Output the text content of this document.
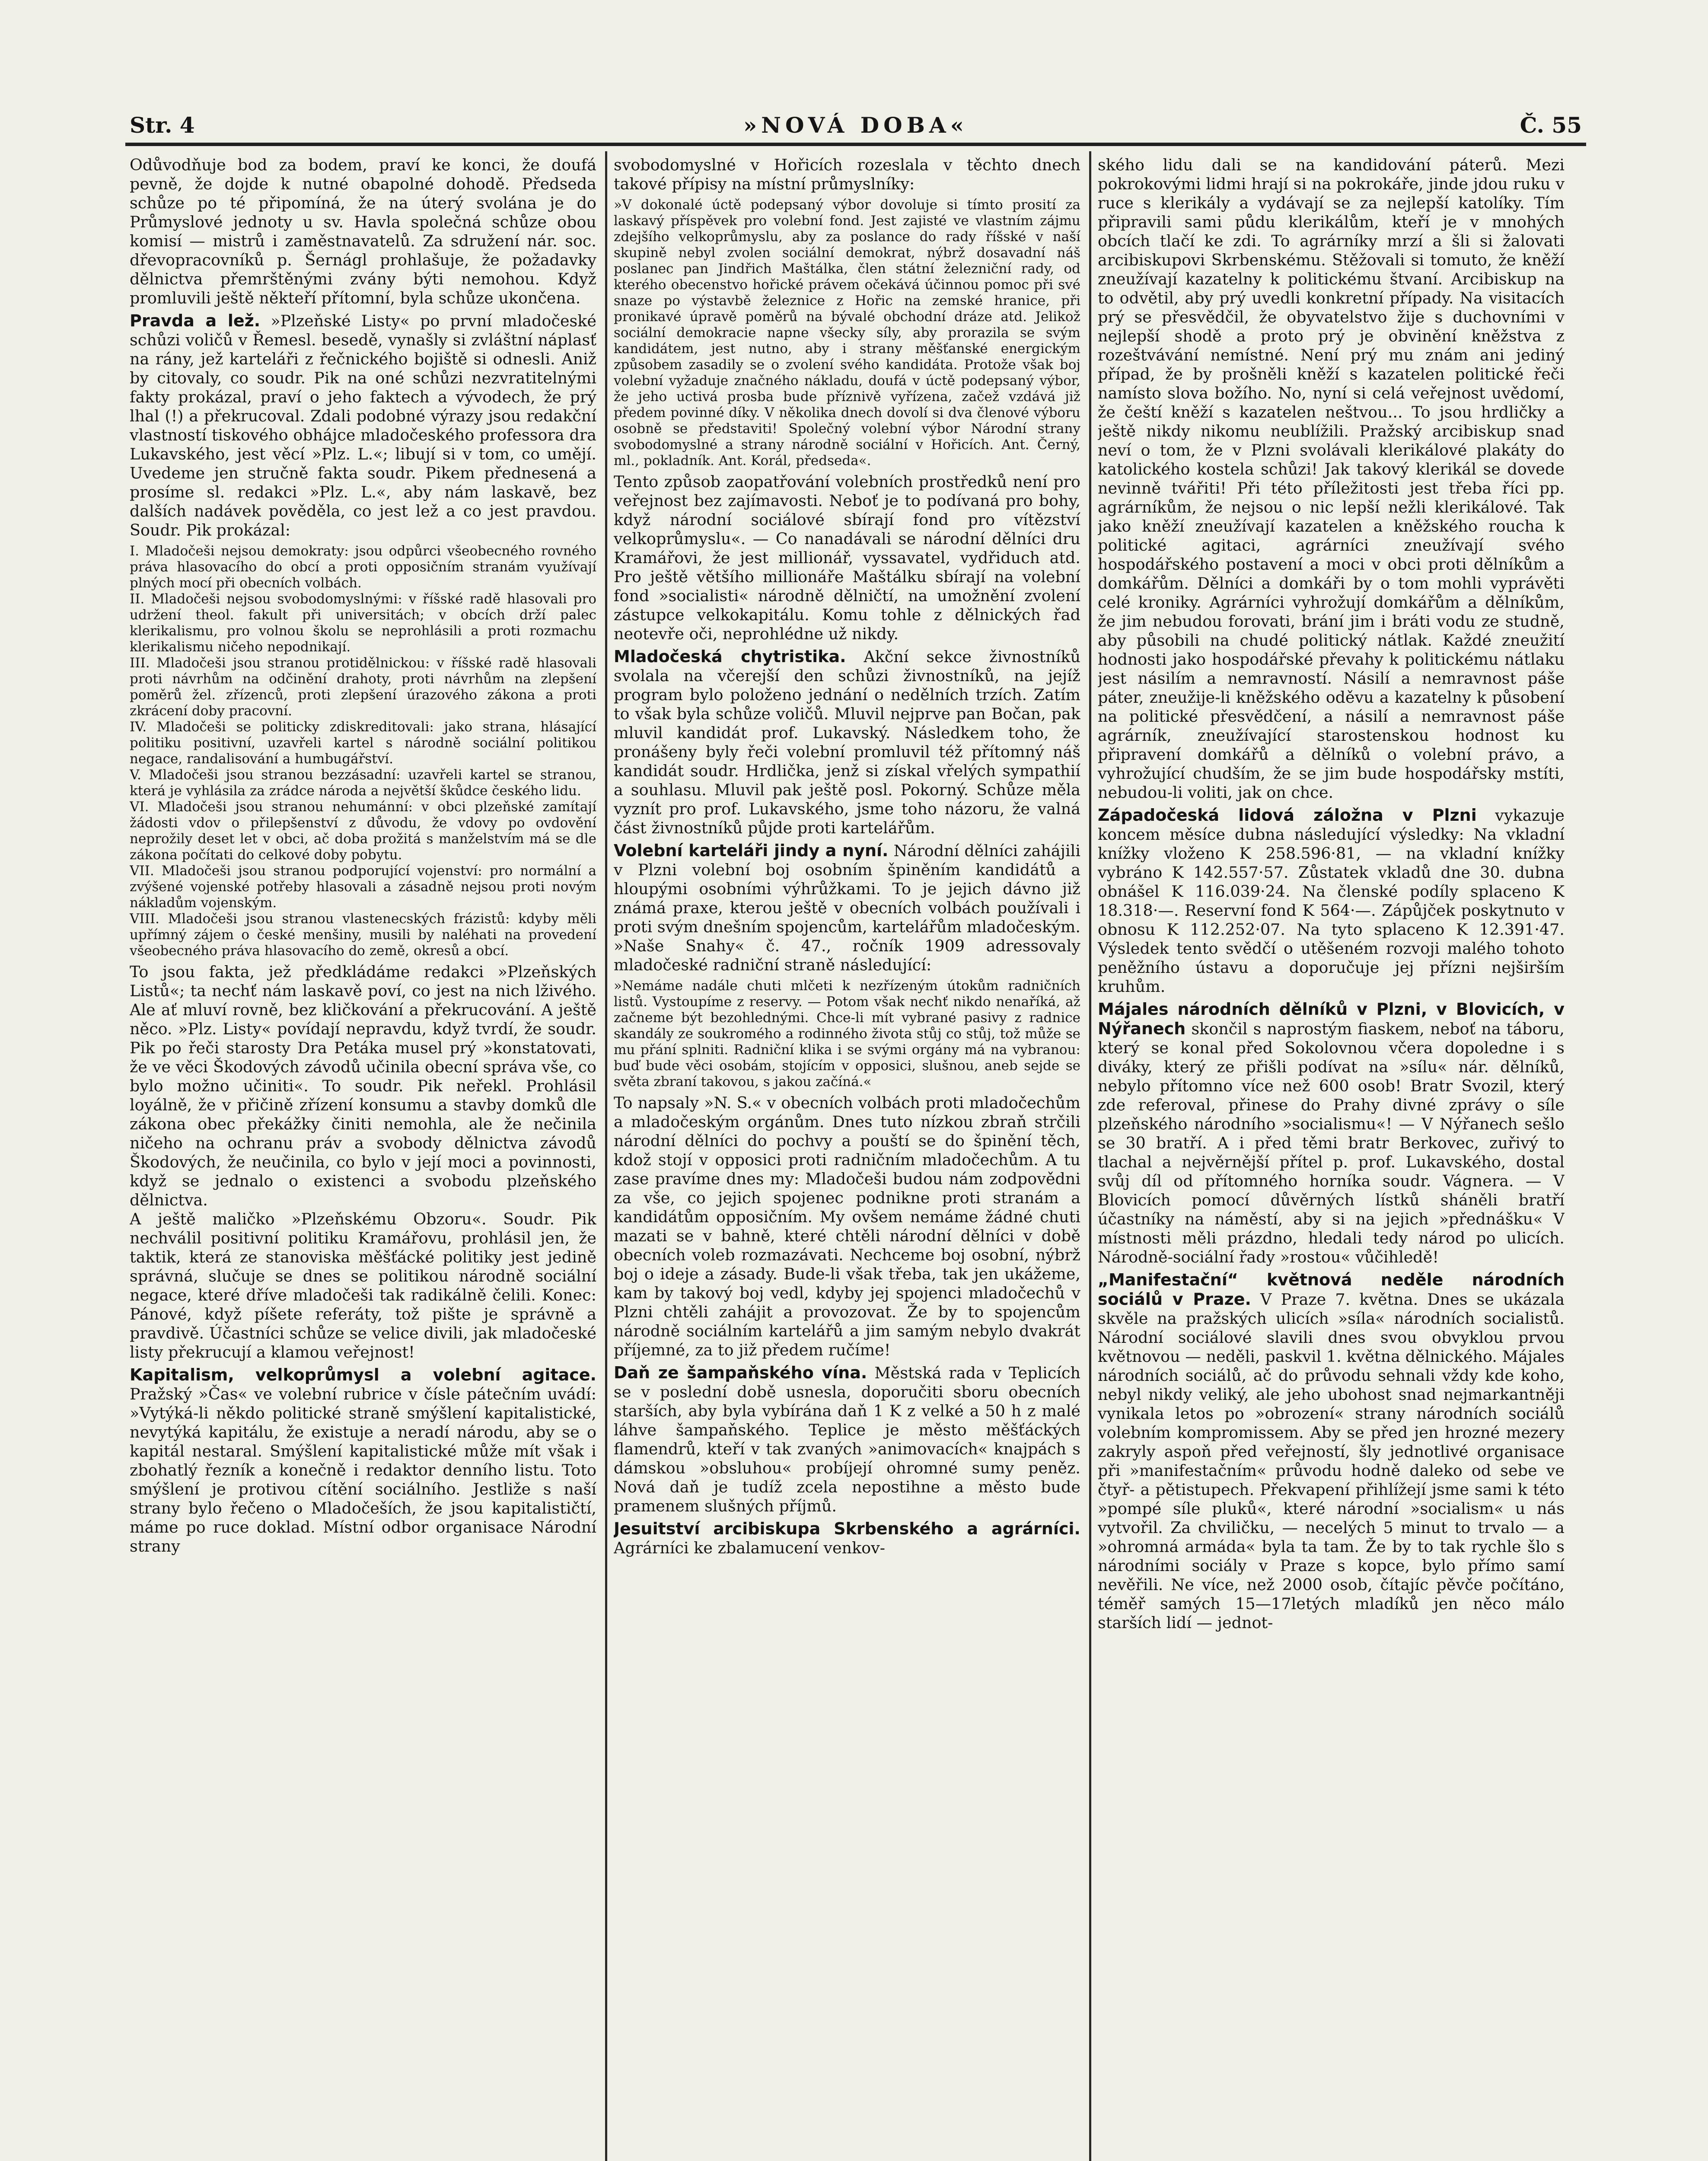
Str. 4	»NOVÁ DOBA«	Č. 55

Odůvodňuje bod za bodem, praví ke konci, že doufá pevně, že dojde k nutné obapolné dohodě. Předseda schůze po té připomíná, že na úterý svolána je do Průmyslové jednoty u sv. Havla společná schůze obou komisí — mistrů i zaměstnavatelů. Za sdružení nár. soc. dřevopracovníků p. Šernágl prohlašuje, že požadavky dělnictva přemrštěnými zvány býti nemohou. Když promluvili ještě někteří přítomní, byla schůze ukončena.

Pravda a lež. »Plzeňské Listy« po první mladočeské schůzi voličů v Řemesl. besedě, vynašly si zvláštní náplasť na rány, jež karteláři z řečnického bojiště si odnesli. Aniž by citovaly, co soudr. Pik na oné schůzi nezvratitelnými fakty prokázal, praví o jeho faktech a vývodech, že prý lhal (!) a překrucoval. Zdali podobné výrazy jsou redakční vlastností tiskového obhájce mladočeského professora dra Lukavského, jest věcí »Plz. L.«; libují si v tom, co umějí. Uvedeme jen stručně fakta soudr. Pikem přednesená a prosíme sl. redakci »Plz. L.«, aby nám laskavě, bez dalších nadávek pověděla, co jest lež a co jest pravdou. Soudr. Pik prokázal:

I. Mladočeši nejsou demokraty: jsou odpůrci všeobecného rovného práva hlasovacího do obcí a proti opposičním stranám využívají plných mocí při obecních volbách.

II. Mladočeši nejsou svobodomyslnými: v říšské radě hlasovali pro udržení theol. fakult při universitách; v obcích drží palec klerikalismu, pro volnou školu se neprohlásili a proti rozmachu klerikalismu ničeho nepodnikají.

III. Mladočeši jsou stranou protidělnickou: v říšské radě hlasovali proti návrhům na odčinění drahoty, proti návrhům na zlepšení poměrů žel. zřízenců, proti zlepšení úrazového zákona a proti zkrácení doby pracovní.

IV. Mladočeši se politicky zdiskreditovali: jako strana, hlásající politiku positivní, uzavřeli kartel s národně sociální politikou negace, randalisování a humbugářství.

V. Mladočeši jsou stranou bezzásadní: uzavřeli kartel se stranou, která je vyhlásila za zrádce národa a největší škůdce českého lidu.

VI. Mladočeši jsou stranou nehumánní: v obci plzeňské zamítají žádosti vdov o přilepšenství z důvodu, že vdovy po ovdovění neprožily deset let v obci, ač doba prožitá s manželstvím má se dle zákona počítati do celkové doby pobytu.

VII. Mladočeši jsou stranou podporující vojenství: pro normální a zvýšené vojenské potřeby hlasovali a zásadně nejsou proti novým nákladům vojenským.

VIII. Mladočeši jsou stranou vlastenecských frázistů: kdyby měli upřímný zájem o české menšiny, musili by naléhati na provedení všeobecného práva hlasovacího do země, okresů a obcí.

To jsou fakta, jež předkládáme redakci »Plzeňských Listů«; ta nechť nám laskavě poví, co jest na nich lživého. Ale ať mluví rovně, bez kličkování a překrucování. A ještě něco. »Plz. Listy« povídají nepravdu, když tvrdí, že soudr. Pik po řeči starosty Dra Petáka musel prý »konstatovati, že ve věci Škodových závodů učinila obecní správa vše, co bylo možno učiniti«. To soudr. Pik neřekl. Prohlásil loyálně, že v přičině zřízení konsumu a stavby domků dle zákona obec překážky činiti nemohla, ale že nečinila ničeho na ochranu práv a svobody dělnictva závodů Škodových, že neučinila, co bylo v její moci a povinnosti, když se jednalo o existenci a svobodu plzeňského dělnictva.

A ještě maličko »Plzeňskému Obzoru«. Soudr. Pik nechválil positivní politiku Kramářovu, prohlásil jen, že taktik, která ze stanoviska měšťácké politiky jest jedině správná, slučuje se dnes se politikou národně sociální negace, které dříve mladočeši tak radikálně čelili. Konec: Pánové, když píšete referáty, tož pište je správně a pravdivě. Účastníci schůze se velice divili, jak mladočeské listy překrucují a klamou veřejnost!

Kapitalism, velkoprůmysl a volební agitace. Pražský »Čas« ve volební rubrice v čísle pátečním uvádí: »Vytýká-li někdo politické straně smýšlení kapitalistické, nevytýká kapitálu, že existuje a neradí národu, aby se o kapitál nestaral. Smýšlení kapitalistické může mít však i zbohatlý řezník a konečně i redaktor denního listu. Toto smýšlení je protivou cítění sociálního. Jestliže s naší strany bylo řečeno o Mladočeších, že jsou kapitalističtí, máme po ruce doklad. Místní odbor organisace Národní strany

svobodomyslné v Hořicích rozeslala v těchto dnech takové přípisy na místní průmyslníky:

»V dokonalé úctě podepsaný výbor dovoluje si tímto prosití za laskavý příspěvek pro volební fond. Jest zajisté ve vlastním zájmu zdejšího velkoprůmyslu, aby za poslance do rady říšské v naší skupině nebyl zvolen sociální demokrat, nýbrž dosavadní náš poslanec pan Jindřich Maštálka, člen státní železniční rady, od kterého obecenstvo hořické právem očekává účinnou pomoc při své snaze po výstavbě železnice z Hořic na zemské hranice, při pronikavé úpravě poměrů na bývalé obchodní dráze atd. Jelikož sociální demokracie napne všecky síly, aby prorazila se svým kandidátem, jest nutno, aby i strany měšťanské energickým způsobem zasadily se o zvolení svého kandidáta. Protože však boj volební vyžaduje značného nákladu, doufá v úctě podepsaný výbor, že jeho uctivá prosba bude příznivě vyřízena, začež vzdává již předem povinné díky. V několika dnech dovolí si dva členové výboru osobně se představiti! Společný volební výbor Národní strany svobodomyslné a strany národně sociální v Hořicích. Ant. Černý, ml., pokladník. Ant. Korál, předseda«.

Tento způsob zaopatřování volebních prostředků není pro veřejnost bez zajímavosti. Neboť je to podívaná pro bohy, když národní sociálové sbírají fond pro vítězství velkoprůmyslu«. — Co nanadávali se národní dělníci dru Kramářovi, že jest millionář, vyssavatel, vydřiduch atd. Pro ještě většího millionáře Maštálku sbírají na volební fond »socialisti« národně dělničtí, na umožnění zvolení zástupce velkokapitálu. Komu tohle z dělnických řad neotevře oči, neprohlédne už nikdy.

Mladočeská chytristika. Akční sekce živnostníků svolala na včerejší den schůzi živnostníků, na jejíž program bylo položeno jednání o nedělních trzích. Zatím to však byla schůze voličů. Mluvil nejprve pan Bočan, pak mluvil kandidát prof. Lukavský. Následkem toho, že pronášeny byly řeči volební promluvil též přítomný náš kandidát soudr. Hrdlička, jenž si získal vřelých sympathií a souhlasu. Mluvil pak ještě posl. Pokorný. Schůze měla vyznít pro prof. Lukavského, jsme toho názoru, že valná část živnostníků půjde proti kartelářům.

Volební karteláři jindy a nyní. Národní dělníci zahájili v Plzni volební boj osobním špiněním kandidátů a hloupými osobními výhrůžkami. To je jejich dávno již známá praxe, kterou ještě v obecních volbách používali i proti svým dnešním spojencům, kartelářům mladočeským. »Naše Snahy« č. 47., ročník 1909 adressovaly mladočeské radniční straně následující:

»Nemáme nadále chuti mlčeti k nezřízeným útokům radničních listů. Vystoupíme z reservy. — Potom však nechť nikdo nenaříká, až začneme být bezohlednými. Chce-li mít vybrané pasivy z radnice skandály ze soukromého a rodinného života stůj co stůj, tož může se mu přání splniti. Radniční klika i se svými orgány má na vybranou: buď bude věci osobám, stojícím v opposici, slušnou, aneb sejde se světa zbraní takovou, s jakou začíná.«

To napsaly »N. S.« v obecních volbách proti mladočechům a mladočeským orgánům. Dnes tuto nízkou zbraň strčili národní dělníci do pochvy a pouští se do špinění těch, kdož stojí v opposici proti radničním mladočechům. A tu zase pravíme dnes my: Mladočeši budou nám zodpovědni za vše, co jejich spojenec podnikne proti stranám a kandidátům opposičním. My ovšem nemáme žádné chuti mazati se v bahně, které chtěli národní dělníci v době obecních voleb rozmazávati. Nechceme boj osobní, nýbrž boj o ideje a zásady. Bude-li však třeba, tak jen ukážeme, kam by takový boj vedl, kdyby jej spojenci mladočechů v Plzni chtěli zahájit a provozovat. Že by to spojencům národně sociálním kartelářů a jim samým nebylo dvakrát příjemné, za to již předem ručíme!

Daň ze šampaňského vína. Městská rada v Teplicích se v poslední době usnesla, doporučiti sboru obecních starších, aby byla vybírána daň 1 K z velké a 50 h z malé láhve šampaňského. Teplice je město měšťáckých flamendrů, kteří v tak zvaných »animovacích« knajpách s dámskou »obsluhou« probíjejí ohromné sumy peněz. Nová daň je tudíž zcela nepostihne a město bude pramenem slušných příjmů.

Jesuitství arcibiskupa Skrbenského a agrárníci. Agrárníci ke zbalamucení venkov-

ského lidu dali se na kandidování páterů. Mezi pokrokovými lidmi hrají si na pokrokáře, jinde jdou ruku v ruce s klerikály a vydávají se za nejlepší katolíky. Tím připravili sami půdu klerikálům, kteří je v mnohých obcích tlačí ke zdi. To agrárníky mrzí a šli si žalovati arcibiskupovi Skrbenskému. Stěžovali si tomuto, že kněží zneužívají kazatelny k politickému štvaní. Arcibiskup na to odvětil, aby prý uvedli konkretní případy. Na visitacích prý se přesvědčil, že obyvatelstvo žije s duchovními v nejlepší shodě a proto prý je obvinění kněžstva z rozeštvávání nemístné. Není prý mu znám ani jediný případ, že by prošněli kněží s kazatelen politické řeči namísto slova božího. No, nyní si celá veřejnost uvědomí, že čeští kněží s kazatelen neštvou... To jsou hrdličky a ještě nikdy nikomu neublížili. Pražský arcibiskup snad neví o tom, že v Plzni svolávali klerikálové plakáty do katolického kostela schůzi! Jak takový klerikál se dovede nevinně tvářiti! Při této příležitosti jest třeba říci pp. agrárníkům, že nejsou o nic lepší nežli klerikálové. Tak jako kněží zneužívají kazatelen a kněžského roucha k politické agitaci, agrárníci zneužívají svého hospodářského postavení a moci v obci proti dělníkům a domkářům. Dělníci a domkáři by o tom mohli vyprávěti celé kroniky. Agrárníci vyhrožují domkářům a dělníkům, že jim nebudou forovati, brání jim i bráti vodu ze studně, aby působili na chudé politický nátlak. Každé zneužití hodnosti jako hospodářské převahy k politickému nátlaku jest násilím a nemravností. Násilí a nemravnost páše páter, zneužije-li kněžského oděvu a kazatelny k působení na politické přesvědčení, a násilí a nemravnost páše agrárník, zneužívající starostenskou hodnost ku připravení domkářů a dělníků o volební právo, a vyhrožující chudším, že se jim bude hospodářsky mstíti, nebudou-li voliti, jak on chce.

Západočeská lidová záložna v Plzni vykazuje koncem měsíce dubna následující výsledky: Na vkladní knížky vloženo K 258.596·81, — na vkladní knížky vybráno K 142.557·57. Zůstatek vkladů dne 30. dubna obnášel K 116.039·24. Na členské podíly splaceno K 18.318·—. Reservní fond K 564·—. Zápůjček poskytnuto v obnosu K 112.252·07. Na tyto splaceno K 12.391·47. Výsledek tento svědčí o utěšeném rozvoji malého tohoto peněžního ústavu a doporučuje jej přízni nejširším kruhům.

Májales národních dělníků v Plzni, v Blovicích, v Nýřanech skončil s naprostým fiaskem, neboť na táboru, který se konal před Sokolovnou včera dopoledne i s diváky, který ze přišli podívat na »sílu« nár. dělníků, nebylo přítomno více než 600 osob! Bratr Svozil, který zde referoval, přinese do Prahy divné zprávy o síle plzeňského národního »socialismu«! — V Nýřanech sešlo se 30 bratří. A i před těmi bratr Berkovec, zuřivý to tlachal a nejvěrnější přítel p. prof. Lukavského, dostal svůj díl od přítomného horníka soudr. Vágnera. — V Blovicích pomocí důvěrných lístků sháněli bratří účastníky na náměstí, aby si na jejich »přednášku« V místnosti měli prázdno, hledali tedy národ po ulicích. Národně-sociální řady »rostou« vůčihledě!

„Manifestační“ květnová neděle národních sociálů v Praze. V Praze 7. května. Dnes se ukázala skvěle na pražských ulicích »síla« národních socialistů. Národní sociálové slavili dnes svou obvyklou prvou květnovou — neděli, paskvil 1. května dělnického. Májales národních sociálů, ač do průvodu sehnali vždy kde koho, nebyl nikdy veliký, ale jeho ubohost snad nejmarkantněji vynikala letos po »obrození« strany národních sociálů volebním kompromissem. Aby se před jen hrozné mezery zakryly aspoň před veřejností, šly jednotlivé organisace při »manifestačním« průvodu hodně daleko od sebe ve čtyř- a pětistupech. Překvapení přihlížejí jsme sami k této »pompé síle pluků«, které národní »socialism« u nás vytvořil. Za chviličku, — necelých 5 minut to trvalo — a »ohromná armáda« byla ta tam. Že by to tak rychle šlo s národními sociály v Praze s kopce, bylo přímo samí nevěřili. Ne více, než 2000 osob, čítajíc pěvče počítáno, téměř samých 15—17letých mladíků jen něco málo starších lidí — jednot-
